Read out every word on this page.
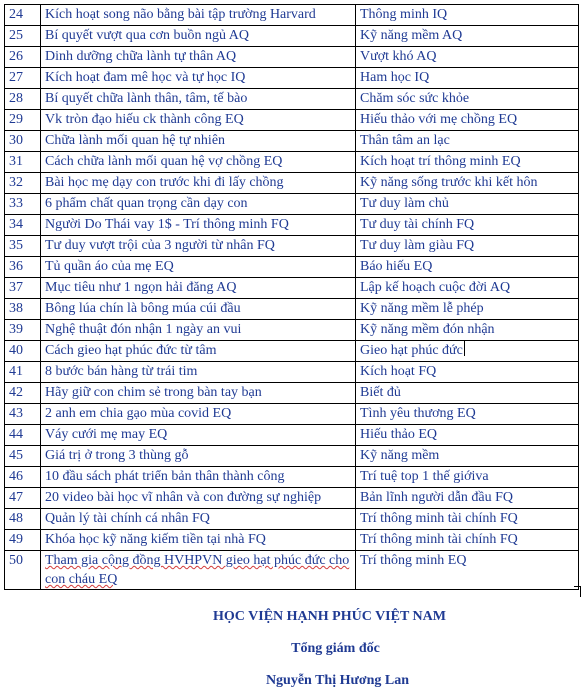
24	Kích hoạt song não bằng bài tập trường Harvard	Thông minh IQ
25	Bí quyết vượt qua cơn buồn ngủ AQ	Kỹ năng mềm AQ
26	Dinh dưỡng chữa lành tự thân AQ	Vượt khó AQ
27	Kích hoạt đam mê học và tự học IQ	Ham học IQ
28	Bí quyết chữa lành thân, tâm, tế bào	Chăm sóc sức khỏe
29	Vk tròn đạo hiếu ck thành công EQ	Hiếu thảo với mẹ chồng EQ
30	Chữa lành mối quan hệ tự nhiên	Thân tâm an lạc
31	Cách chữa lành mối quan hệ vợ chồng EQ	Kích hoạt trí thông minh EQ
32	Bài học mẹ dạy con trước khi đi lấy chồng	Kỹ năng sống trước khi kết hôn
33	6 phẩm chất quan trọng cần dạy con	Tư duy làm chủ
34	Người Do Thái vay 1$ - Trí thông minh FQ	Tư duy tài chính FQ
35	Tư duy vượt trội của 3 người từ nhân FQ	Tư duy làm giàu FQ
36	Tủ quần áo của mẹ EQ	Báo hiếu EQ
37	Mục tiêu như 1 ngọn hải đăng AQ	Lập kế hoạch cuộc đời AQ
38	Bông lúa chín là bông múa cúi đầu	Kỹ năng mềm lễ phép
39	Nghệ thuật đón nhận 1 ngày an vui	Kỹ năng mềm đón nhận
40	Cách gieo hạt phúc đức từ tâm	Gieo hạt phúc đức
41	8 bước bán hàng từ trái tim	Kích hoạt FQ
42	Hãy giữ con chim sẻ trong bàn tay bạn	Biết đủ
43	2 anh em chia gạo mùa covid EQ	Tình yêu thương EQ
44	Váy cưới mẹ may EQ	Hiếu thảo EQ
45	Giá trị ở trong 3 thùng gỗ	Kỹ năng mềm
46	10 đầu sách phát triển bản thân thành công	Trí tuệ top 1 thế giớiva
47	20 video bài học vĩ nhân và con đường sự nghiệp	Bản lĩnh người dẫn đầu FQ
48	Quản lý tài chính cá nhân FQ	Trí thông minh tài chính FQ
49	Khóa học kỹ năng kiếm tiền tại nhà FQ	Trí thông minh tài chính FQ
50	Tham gia cộng đồng HVHPVN gieo hạt phúc đức cho con cháu EQ	Trí thông minh EQ
HỌC VIỆN HẠNH PHÚC VIỆT NAM
Tổng giám đốc
Nguyễn Thị Hương Lan
